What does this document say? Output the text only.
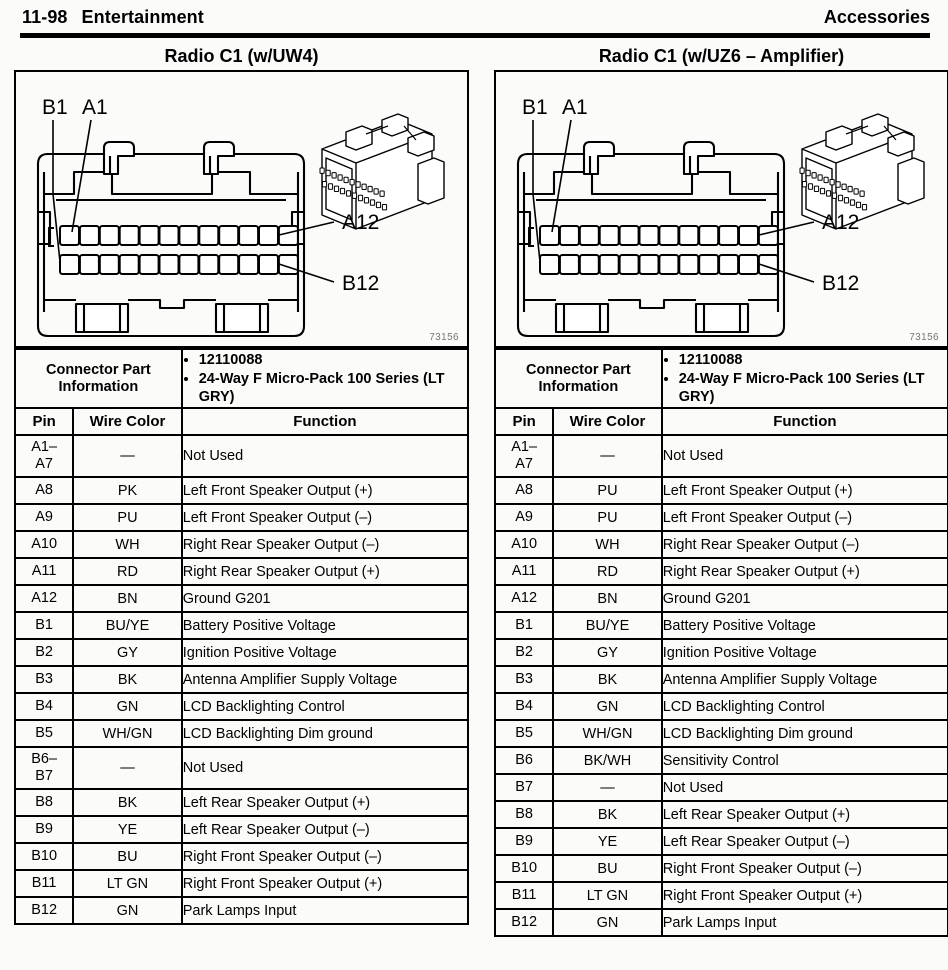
11-98 Entertainment	Accessories
Radio C1 (w/UW4)
B1 A1
A12
B12
73156
Connector Part Information	
• 12110088
• 24-Way F Micro-Pack 100 Series (LT GRY)

Pin	Wire Color	Function
A1–
A7	—	Not Used
A8	PK	Left Front Speaker Output (+)
A9	PU	Left Front Speaker Output (–)
A10	WH	Right Rear Speaker Output (–)
A11	RD	Right Rear Speaker Output (+)
A12	BN	Ground G201
B1	BU/YE	Battery Positive Voltage
B2	GY	Ignition Positive Voltage
B3	BK	Antenna Amplifier Supply Voltage
B4	GN	LCD Backlighting Control
B5	WH/GN	LCD Backlighting Dim ground
B6–
B7	—	Not Used
B8	BK	Left Rear Speaker Output (+)
B9	YE	Left Rear Speaker Output (–)
B10	BU	Right Front Speaker Output (–)
B11	LT GN	Right Front Speaker Output (+)
B12	GN	Park Lamps Input
Radio C1 (w/UZ6 – Amplifier)
B1 A1
A12
B12
73156
Connector Part Information	
• 12110088
• 24-Way F Micro-Pack 100 Series (LT GRY)

Pin	Wire Color	Function
A1–
A7	—	Not Used
A8	PU	Left Front Speaker Output (+)
A9	PU	Left Front Speaker Output (–)
A10	WH	Right Rear Speaker Output (–)
A11	RD	Right Rear Speaker Output (+)
A12	BN	Ground G201
B1	BU/YE	Battery Positive Voltage
B2	GY	Ignition Positive Voltage
B3	BK	Antenna Amplifier Supply Voltage
B4	GN	LCD Backlighting Control
B5	WH/GN	LCD Backlighting Dim ground
B6	BK/WH	Sensitivity Control
B7	—	Not Used
B8	BK	Left Rear Speaker Output (+)
B9	YE	Left Rear Speaker Output (–)
B10	BU	Right Front Speaker Output (–)
B11	LT GN	Right Front Speaker Output (+)
B12	GN	Park Lamps Input
